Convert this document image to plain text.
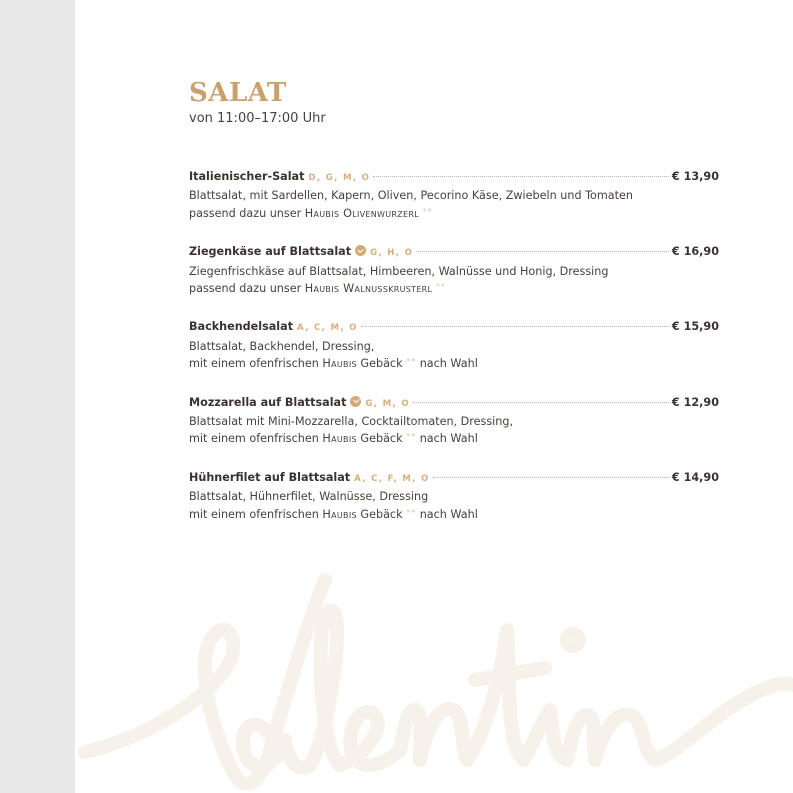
SALAT
von 11:00–17:00 Uhr
Italienischer-Salat D, G, M, O	€ 13,90
Blattsalat, mit Sardellen, Kapern, Oliven, Pecorino Käse, Zwiebeln und Tomaten
passend dazu unser Haubis Olivenwurzerl **
Ziegenkäse auf Blattsalat G, H, O	€ 16,90
Ziegenfrischkäse auf Blattsalat, Himbeeren, Walnüsse und Honig, Dressing
passend dazu unser Haubis Walnusskrusterl **
Backhendelsalat A, C, M, O	€ 15,90
Blattsalat, Backhendel, Dressing,
mit einem ofenfrischen Haubis Gebäck ** nach Wahl
Mozzarella auf Blattsalat G, M, O	€ 12,90
Blattsalat mit Mini-Mozzarella, Cocktailtomaten, Dressing,
mit einem ofenfrischen Haubis Gebäck ** nach Wahl
Hühnerfilet auf Blattsalat A, C, F, M, O	€ 14,90
Blattsalat, Hühnerfilet, Walnüsse, Dressing
mit einem ofenfrischen Haubis Gebäck ** nach Wahl
